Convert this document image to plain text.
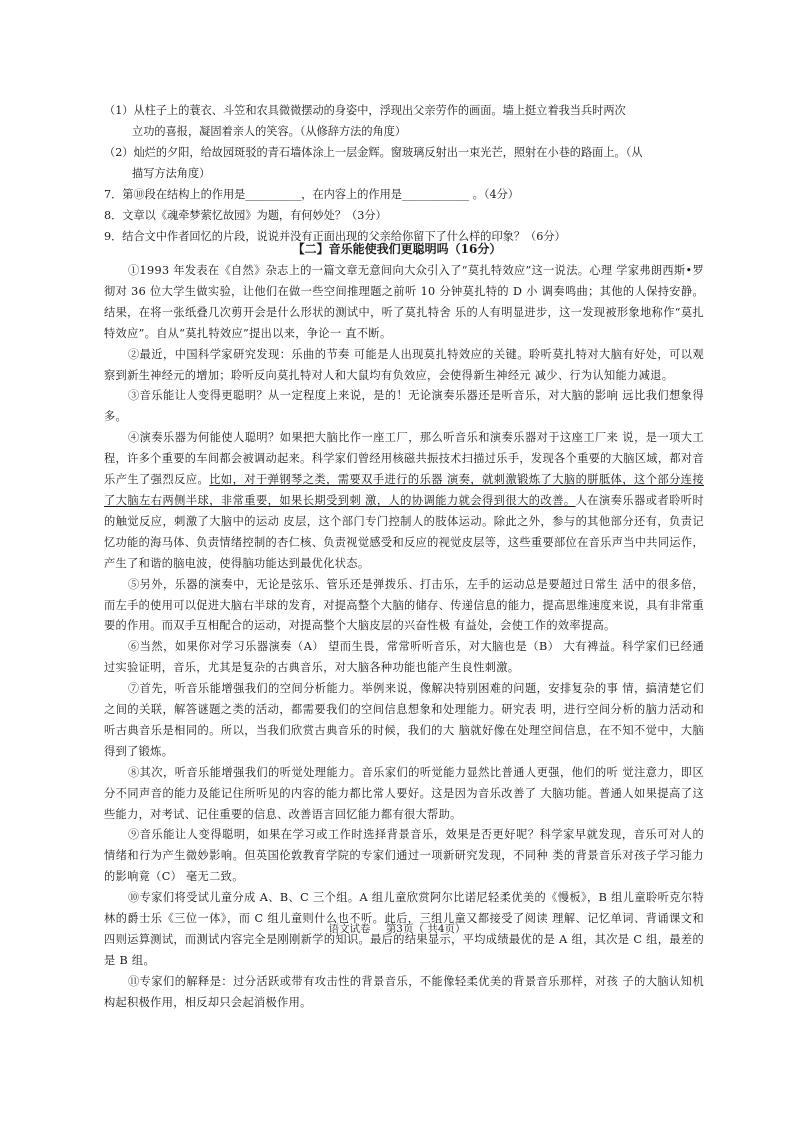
（1）从柱子上的蓑衣、斗笠和农具微微摆动的身姿中，浮现出父亲劳作的画面。墙上挺立着我当兵时两次

立功的喜报，凝固着亲人的笑容。（从修辞方法的角度）

（2）灿烂的夕阳，给故园斑驳的青石墙体涂上一层金辉。窗玻璃反射出一束光芒，照射在小巷的路面上。（从

描写方法角度）

7．第⑩段在结构上的作用是__________，在内容上的作用是____________ 。（4分）

8．文章以《魂牵梦萦忆故园》为题，有何妙处？（3分）

9．结合文中作者回忆的片段，说说并没有正面出现的父亲给你留下了什么样的印象？（6分）

【二】音乐能使我们更聪明吗（16分）

①1993 年发表在《自然》杂志上的一篇文章无意间向大众引入了“莫扎特效应”这一说法。心理 学家弗朗西斯•罗彻对 36 位大学生做实验，让他们在做一些空间推理题之前听 10 分钟莫扎特的 D 小 调奏鸣曲；其他的人保持安静。结果，在将一张纸叠几次剪开会是什么形状的测试中，听了莫扎特舍 乐的人有明显进步，这一发现被形象地称作“莫扎特效应”。自从“莫扎特效应”提出以来，争论一 直不断。

②最近，中国科学家研究发现：乐曲的节奏 可能是人出现莫扎特效应的关键。聆听莫扎特对大脑有好处，可以观察到新生神经元的增加；聆听反向莫扎特对人和大鼠均有负效应，会使得新生神经元 减少、行为认知能力减退。

③音乐能让人变得更聪明？从一定程度上来说，是的！无论演奏乐器还是听音乐，对大脑的影响 远比我们想象得多。

④演奏乐器为何能使人聪明？如果把大脑比作一座工厂，那么听音乐和演奏乐器对于这座工厂来 说，是一项大工程，许多个重要的车间都会被调动起来。科学家们曾经用核磁共振技术扫描过乐手，发现各个重要的大脑区域，都对音乐产生了强烈反应。比如，对于弹钢琴之类，需要双手进行的乐器 演奏，就刺激锻炼了大脑的胼胝体，这个部分连接了大脑左右两侧半球，非常重要，如果长期受到刺 激，人的协调能力就会得到很大的改善。人在演奏乐器或者聆听时的触觉反应，刺激了大脑中的运动 皮层，这个部门专门控制人的肢体运动。除此之外，参与的其他部分还有，负责记忆功能的海马体、负责情绪控制的杏仁核、负责视觉感受和反应的视觉皮层等，这些重要部位在音乐声当中共同运作，产生了和谐的脑电波，使得脑功能达到最优化状态。

⑤另外，乐器的演奏中，无论是弦乐、管乐还是弹拨乐、打击乐，左手的运动总是要超过日常生 活中的很多倍，而左手的使用可以促进大脑右半球的发育，对提高整个大脑的储存、传递信息的能力，提高思维速度来说，具有非常重要的作用。而双手互相配合的运动，对提高整个大脑皮层的兴奋性极 有益处，会使工作的效率提高。

⑥当然，如果你对学习乐器演奏（A） 望而生畏，常常听听音乐，对大脑也是（B） 大有裨益。科学家们已经通过实验证明，音乐，尤其是复杂的古典音乐，对大脑各种功能也能产生良性刺激。

⑦首先，听音乐能增强我们的空间分析能力。举例来说，像解决特别困难的问题，安排复杂的事 情，搞清楚它们之间的关联，解答谜题之类的活动，都需要我们的空间信息想象和处理能力。研究表 明，进行空间分析的脑力活动和听古典音乐是相同的。所以，当我们欣赏古典音乐的时候，我们的大 脑就好像在处理空间信息，在不知不觉中，大脑得到了锻炼。

⑧其次，听音乐能增强我们的听觉处理能力。音乐家们的听觉能力显然比普通人更强，他们的听 觉注意力，即区分不同声音的能力及能记住所听见的内容的能力都比常人要好。这是因为音乐改善了 大脑功能。普通人如果提高了这些能力，对考试、记住重要的信息、改善语言回忆能力都有很大帮助。

⑨音乐能让人变得聪明，如果在学习或工作时选择背景音乐，效果是否更好呢？科学家早就发现，音乐可对人的情绪和行为产生微妙影响。但英国伦敦教育学院的专家们通过一项新研究发现，不同种 类的背景音乐对孩子学习能力的影响竟（C） 毫无二致。

⑩专家们将受试儿童分成 A、B、C 三个组。A 组儿童欣赏阿尔比诺尼轻柔优美的《慢板》，B 组儿童聆听克尔特林的爵士乐《三位一体》，而 C 组儿童则什么也不听。此后，三组儿童又都接受了阅读 理解、记忆单词、背诵课文和四则运算测试，而测试内容完全是刚刚新学的知识。最后的结果显示，平均成绩最优的是 A 组，其次是 C 组，最差的是 B 组。

⑪专家们的解释是：过分活跃或带有攻击性的背景音乐，不能像轻柔优美的背景音乐那样，对孩 子的大脑认知机构起积极作用，相反却只会起消极作用。

语文试卷 第3页（ 共4页）
